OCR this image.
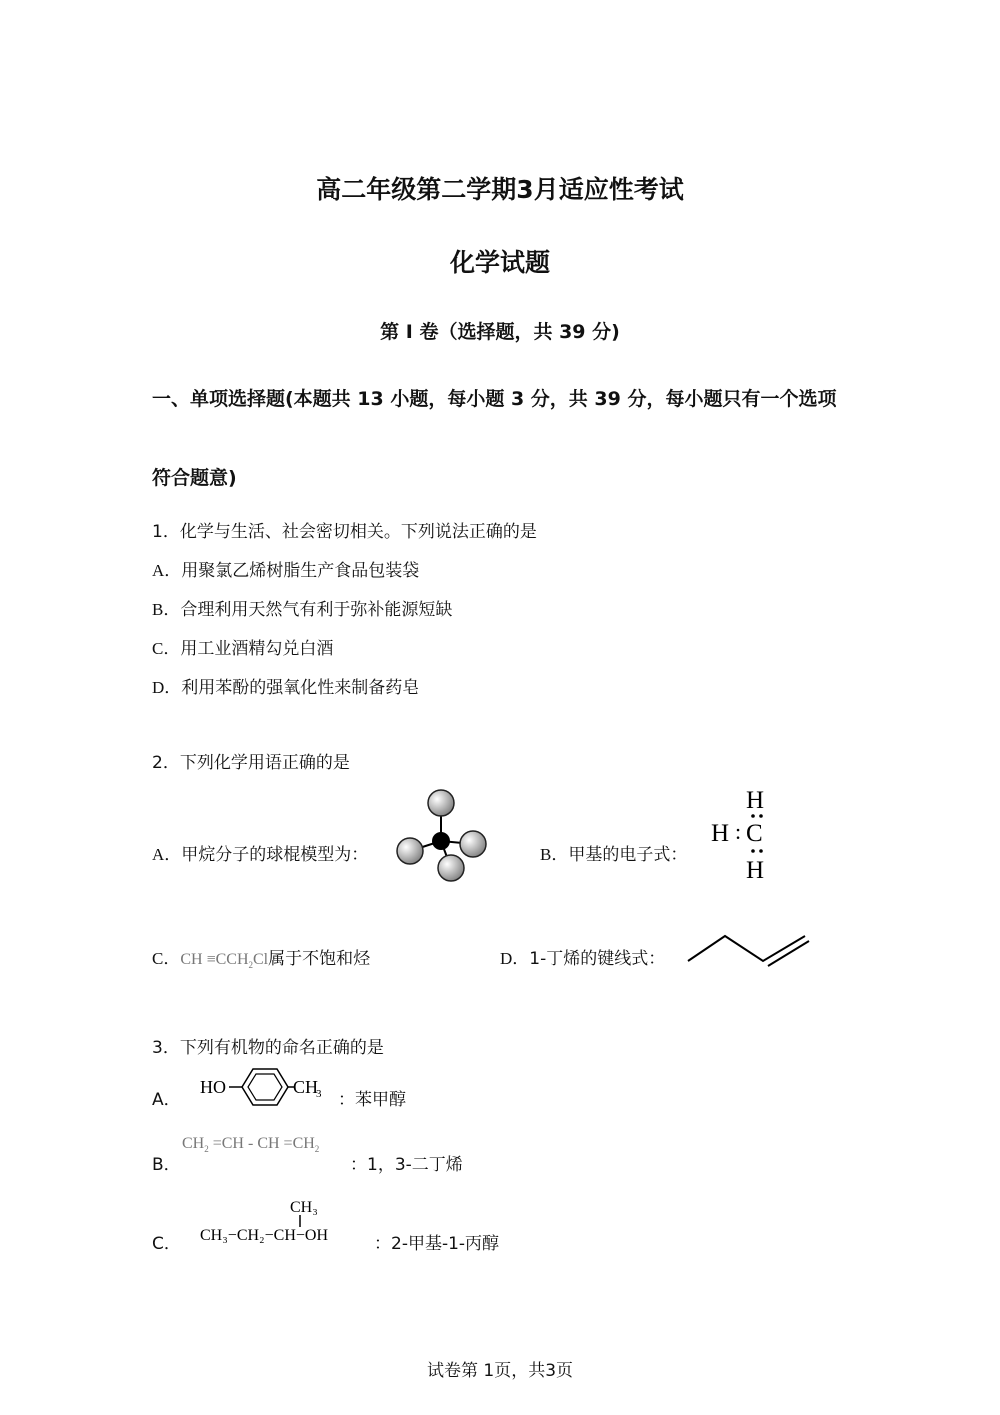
高二年级第二学期3月适应性考试
化学试题
第 I 卷（选择题，共 39 分)
一、单项选择题(本题共 13 小题，每小题 3 分，共 39 分，每小题只有一个选项
符合题意)
1．化学与生活、社会密切相关。下列说法正确的是
A．用聚氯乙烯树脂生产食品包装袋
B．合理利用天然气有利于弥补能源短缺
C．用工业酒精勾兑白酒
D．利用苯酚的强氧化性来制备药皂
2．下列化学用语正确的是
A．甲烷分子的球棍模型为：	B．甲基的电子式：
H
H : C
H
C．CH $\equiv CCH_2Cl$属于不饱和烃	D．1-丁烯的键线式：
3．下列有机物的命名正确的是
A．
HO	CH
3 ：苯甲醇
B．
$CH_2 =CH$ - CH $=CH_2$
：1，3-二丁烯
C．
CH₃
CH₃−CH₂−CH−OH	：2-甲基-1-丙醇
试卷第 1页，共3页
